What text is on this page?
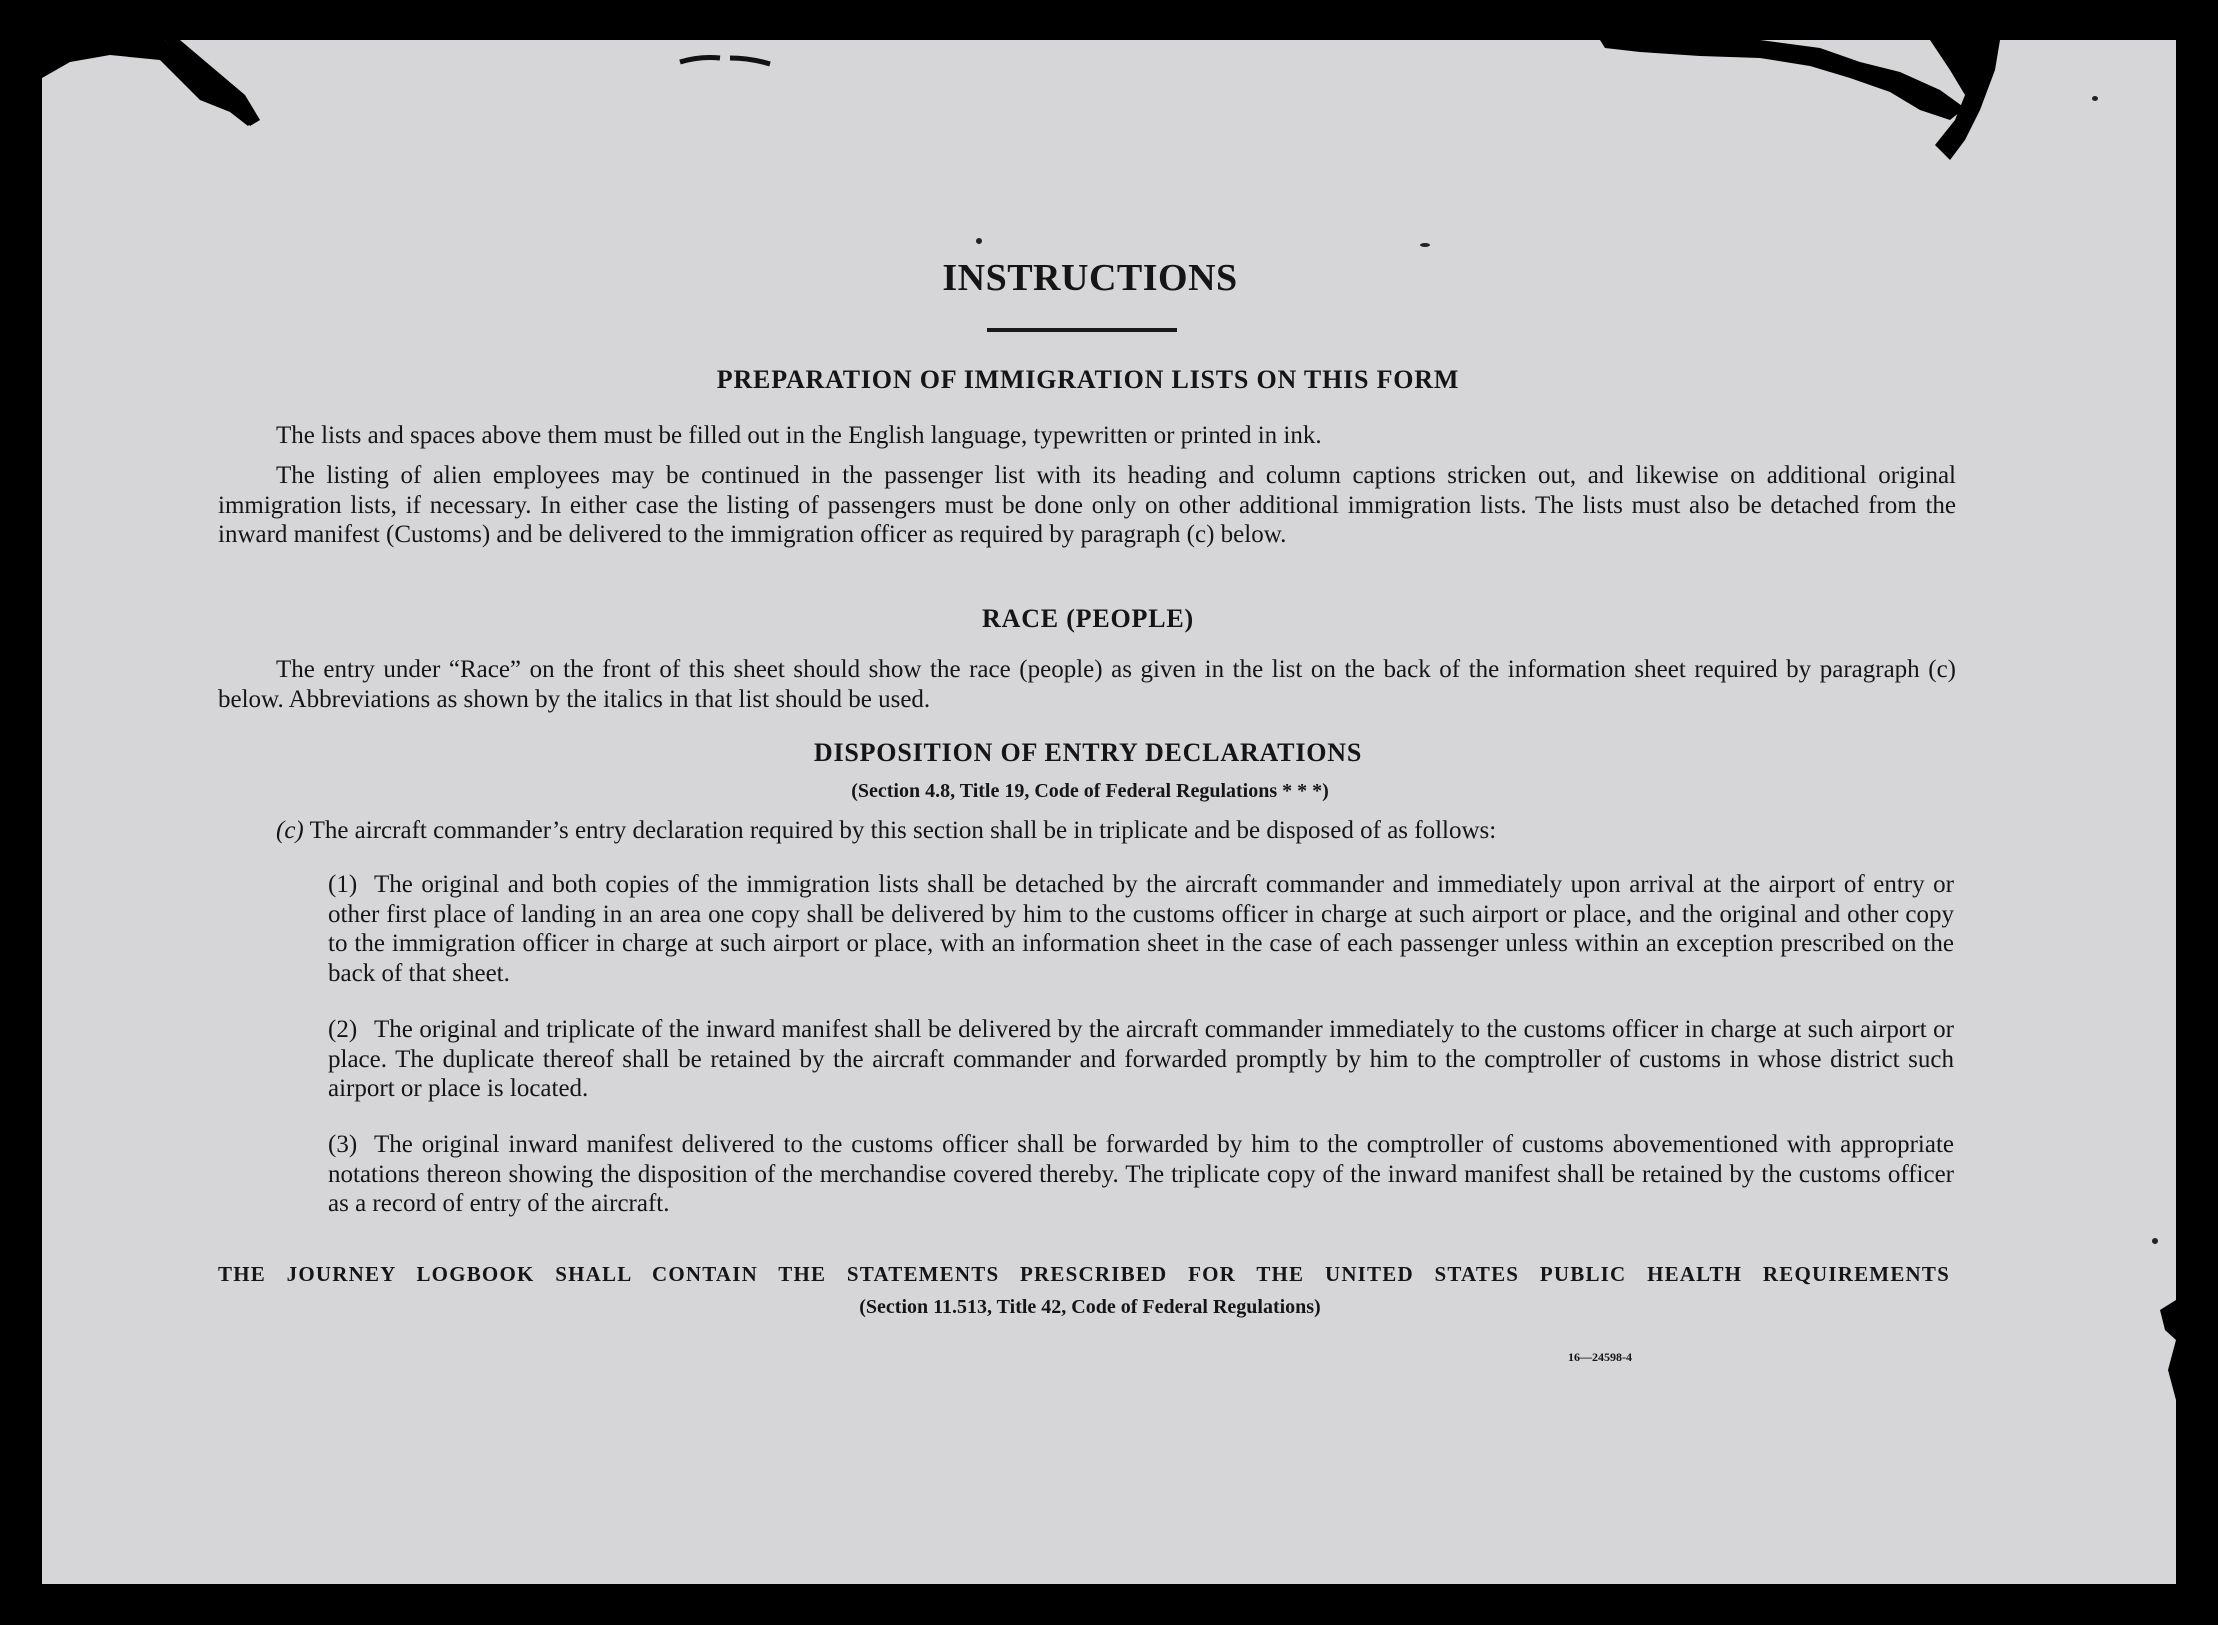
INSTRUCTIONS
PREPARATION OF IMMIGRATION LISTS ON THIS FORM
The lists and spaces above them must be filled out in the English language, typewritten or printed in ink.
The listing of alien employees may be continued in the passenger list with its heading and column captions stricken out, and likewise on additional original immigration lists, if necessary. In either case the listing of passengers must be done only on other additional immigration lists. The lists must also be detached from the inward manifest (Customs) and be delivered to the immigration officer as required by paragraph (c) below.
RACE (PEOPLE)
The entry under “Race” on the front of this sheet should show the race (people) as given in the list on the back of the information sheet required by paragraph (c) below. Abbreviations as shown by the italics in that list should be used.
DISPOSITION OF ENTRY DECLARATIONS
(Section 4.8, Title 19, Code of Federal Regulations * * *)
(c) The aircraft commander’s entry declaration required by this section shall be in triplicate and be disposed of as follows:
(1) The original and both copies of the immigration lists shall be detached by the aircraft commander and immediately upon arrival at the airport of entry or other first place of landing in an area one copy shall be delivered by him to the customs officer in charge at such airport or place, and the original and other copy to the immigration officer in charge at such airport or place, with an information sheet in the case of each passenger unless within an exception prescribed on the back of that sheet.
(2) The original and triplicate of the inward manifest shall be delivered by the aircraft commander immediately to the customs officer in charge at such airport or place. The duplicate thereof shall be retained by the aircraft commander and forwarded promptly by him to the comptroller of customs in whose district such airport or place is located.
(3) The original inward manifest delivered to the customs officer shall be forwarded by him to the comptroller of customs abovementioned with appropriate notations thereon showing the disposition of the merchandise covered thereby. The triplicate copy of the inward manifest shall be retained by the customs officer as a record of entry of the aircraft.
THE JOURNEY LOGBOOK SHALL CONTAIN THE STATEMENTS PRESCRIBED FOR THE UNITED STATES PUBLIC HEALTH REQUIREMENTS
(Section 11.513, Title 42, Code of Federal Regulations)
16—24598-4
